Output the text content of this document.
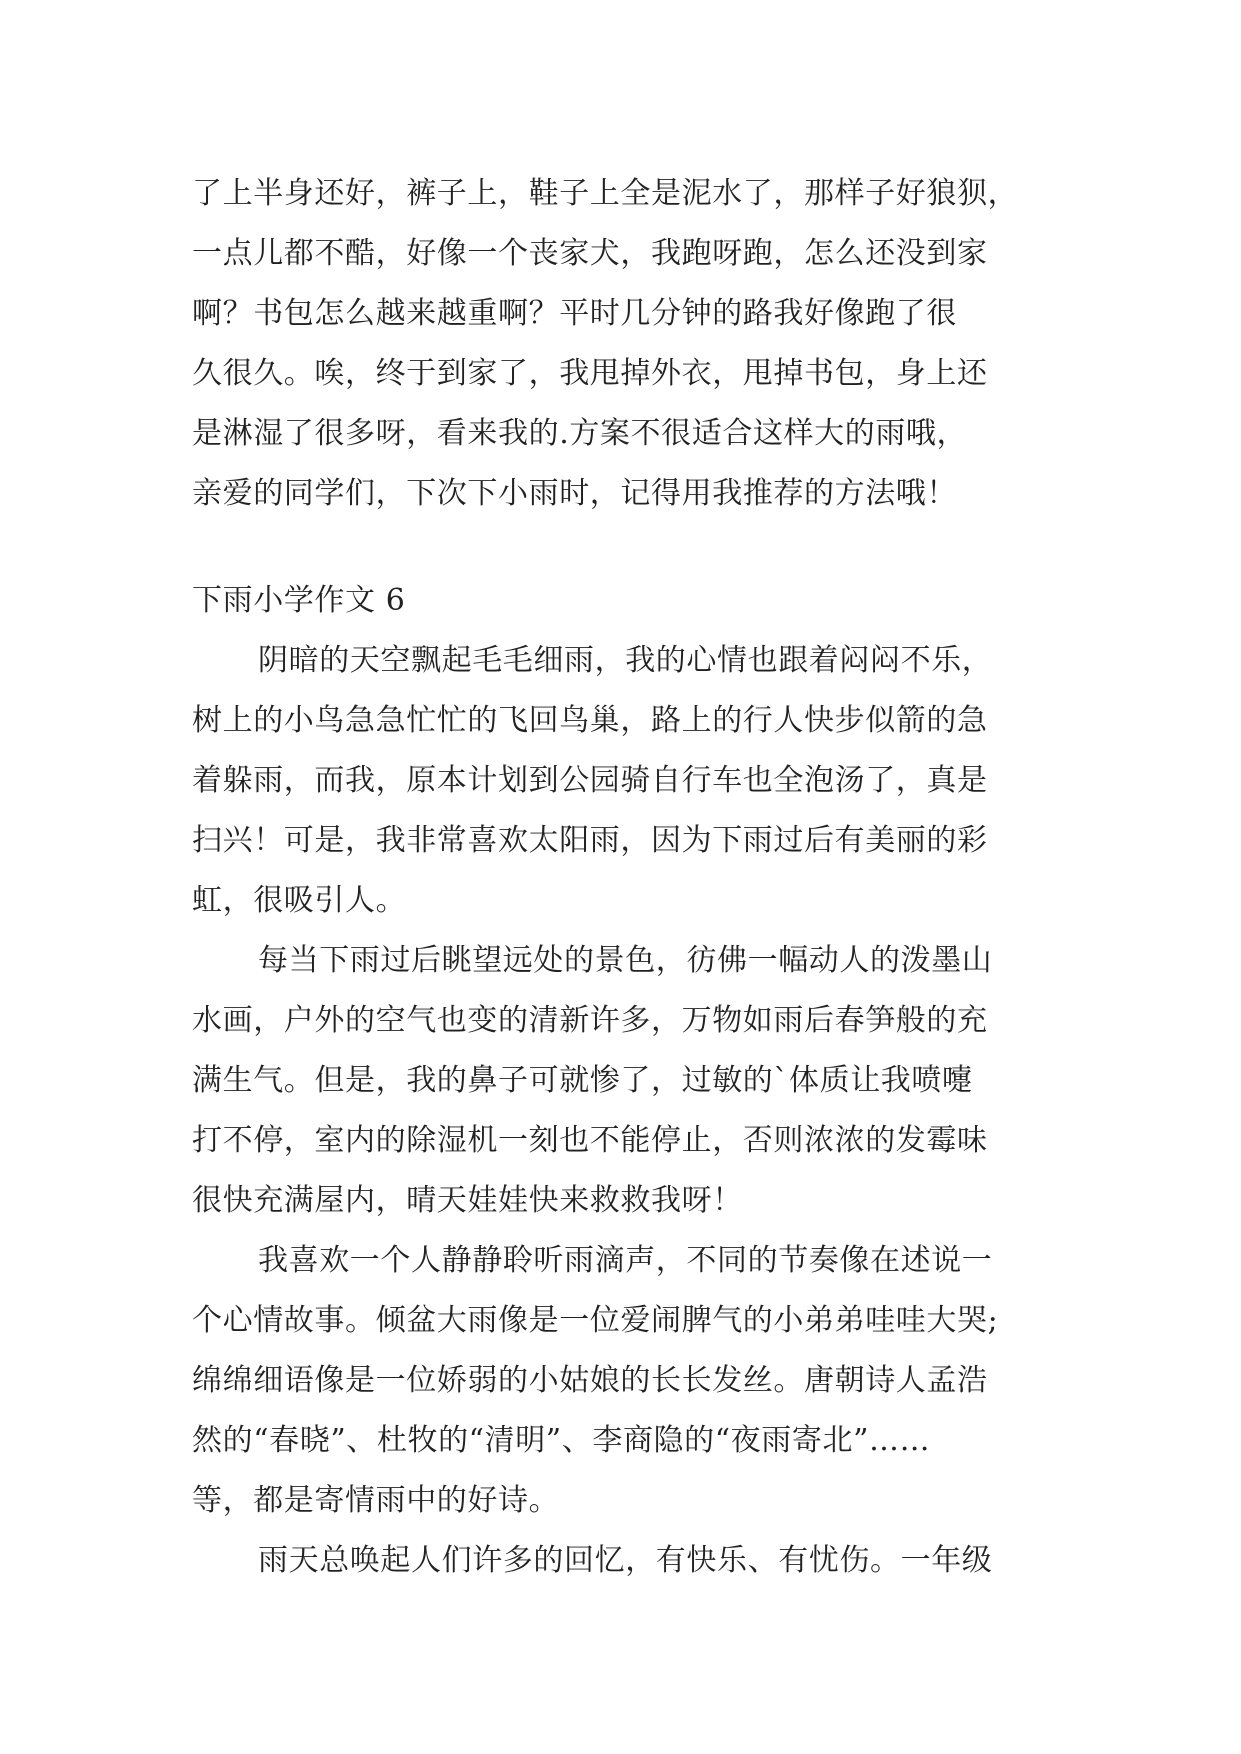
了上半身还好，裤子上，鞋子上全是泥水了，那样子好狼狈，
一点儿都不酷，好像一个丧家犬，我跑呀跑，怎么还没到家
啊？书包怎么越来越重啊？平时几分钟的路我好像跑了很
久很久。唉，终于到家了，我甩掉外衣，甩掉书包，身上还
是淋湿了很多呀，看来我的.方案不很适合这样大的雨哦，
亲爱的同学们，下次下小雨时，记得用我推荐的方法哦！
下雨小学作文 6
阴暗的天空飘起毛毛细雨，我的心情也跟着闷闷不乐，
树上的小鸟急急忙忙的飞回鸟巢，路上的行人快步似箭的急
着躲雨，而我，原本计划到公园骑自行车也全泡汤了，真是
扫兴！可是，我非常喜欢太阳雨，因为下雨过后有美丽的彩
虹，很吸引人。
每当下雨过后眺望远处的景色，彷佛一幅动人的泼墨山
水画，户外的空气也变的清新许多，万物如雨后春笋般的充
满生气。但是，我的鼻子可就惨了，过敏的`体质让我喷嚏
打不停，室内的除湿机一刻也不能停止，否则浓浓的发霉味
很快充满屋内，晴天娃娃快来救救我呀！
我喜欢一个人静静聆听雨滴声，不同的节奏像在述说一
个心情故事。倾盆大雨像是一位爱闹脾气的小弟弟哇哇大哭;
绵绵细语像是一位娇弱的小姑娘的长长发丝。唐朝诗人孟浩
然的“春晓”、杜牧的“清明”、李商隐的“夜雨寄北”……
等，都是寄情雨中的好诗。
雨天总唤起人们许多的回忆，有快乐、有忧伤。一年级
